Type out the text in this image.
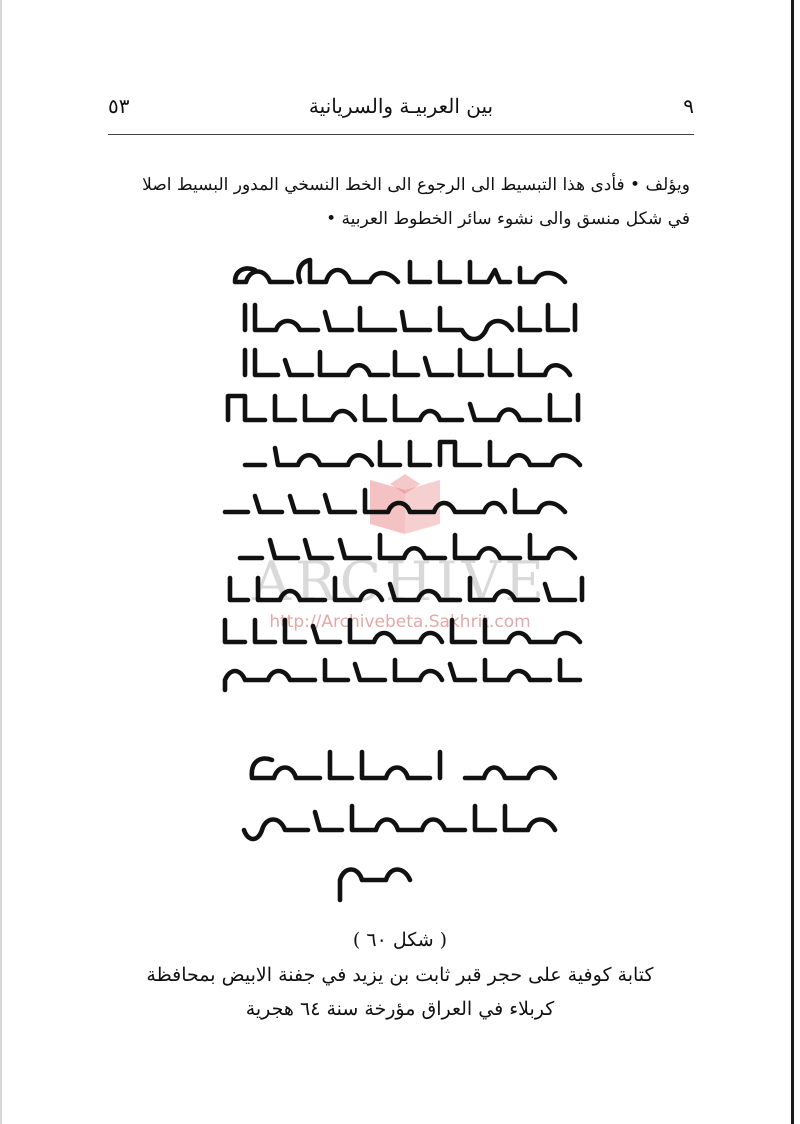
٥٣	بين العربيـة والسريانية	٩

ويؤلف • فأدى هذا التبسيط الى الرجوع الى الخط النسخي المدور البسيط اصلا

في شكل منسق والى نشوء سائر الخطوط العربية •

ARCHIVE
http://Archivebeta.Sakhrit.com
( شكل ٦٠ )
كتابة كوفية على حجر قبر ثابت بن يزيد في جفنة الابيض بمحافظة
كربلاء في العراق مؤرخة سنة ٦٤ هجرية
